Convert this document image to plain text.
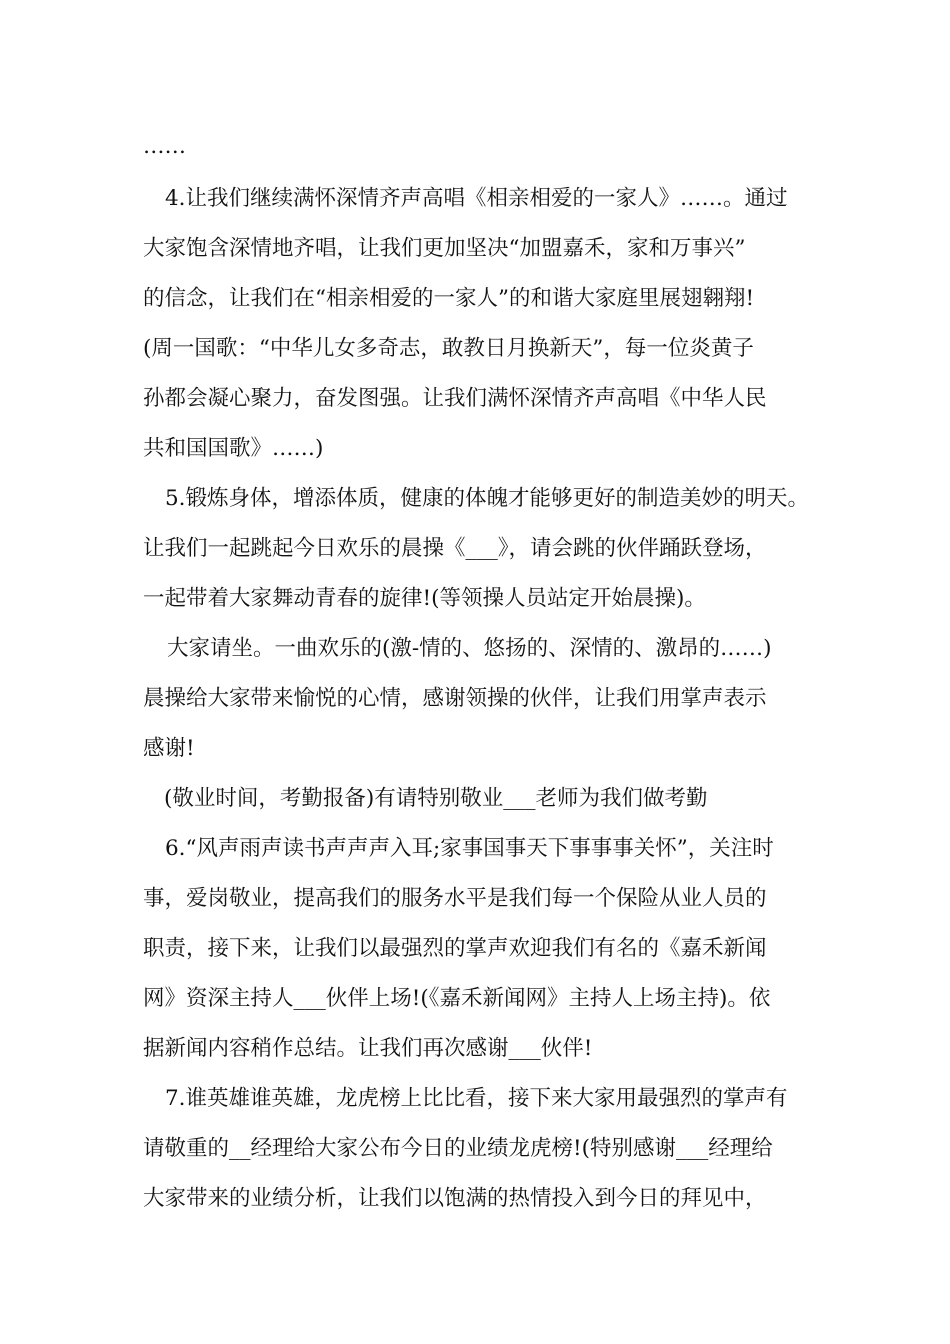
……

4.让我们继续满怀深情齐声高唱《相亲相爱的一家人》……。通过

大家饱含深情地齐唱，让我们更加坚决“加盟嘉禾，家和万事兴”

的信念，让我们在“相亲相爱的一家人”的和谐大家庭里展翅翱翔!

(周一国歌：“中华儿女多奇志，敢教日月换新天”，每一位炎黄子

孙都会凝心聚力，奋发图强。让我们满怀深情齐声高唱《中华人民

共和国国歌》……)

5.锻炼身体，增添体质，健康的体魄才能够更好的制造美妙的明天。

让我们一起跳起今日欢乐的晨操《___》，请会跳的伙伴踊跃登场，

一起带着大家舞动青春的旋律!(等领操人员站定开始晨操)。

大家请坐。一曲欢乐的(激-情的、悠扬的、深情的、激昂的……)

晨操给大家带来愉悦的心情，感谢领操的伙伴，让我们用掌声表示

感谢!

(敬业时间，考勤报备)有请特别敬业___老师为我们做考勤

6.“风声雨声读书声声声入耳;家事国事天下事事事关怀”，关注时

事，爱岗敬业，提高我们的服务水平是我们每一个保险从业人员的

职责，接下来，让我们以最强烈的掌声欢迎我们有名的《嘉禾新闻

网》资深主持人___伙伴上场!(《嘉禾新闻网》主持人上场主持)。依

据新闻内容稍作总结。让我们再次感谢___伙伴!

7.谁英雄谁英雄，龙虎榜上比比看，接下来大家用最强烈的掌声有

请敬重的__经理给大家公布今日的业绩龙虎榜!(特别感谢___经理给

大家带来的业绩分析，让我们以饱满的热情投入到今日的拜见中，
